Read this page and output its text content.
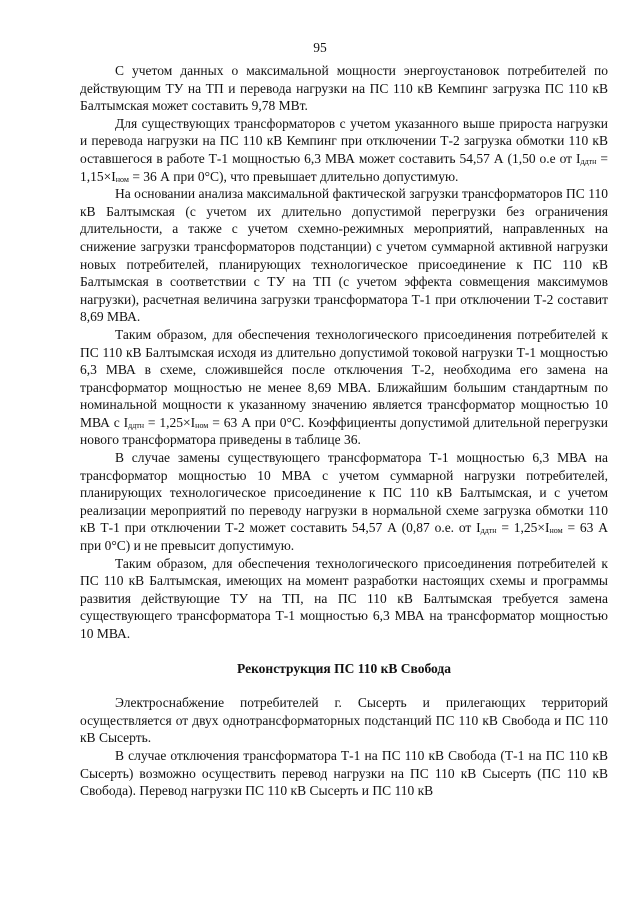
95

С учетом данных о максимальной мощности энергоустановок потребителей по действующим ТУ на ТП и перевода нагрузки на ПС 110 кВ Кемпинг загрузка ПС 110 кВ Балтымская может составить 9,78 МВт.

Для существующих трансформаторов с учетом указанного выше прироста нагрузки и перевода нагрузки на ПС 110 кВ Кемпинг при отключении Т-2 загрузка обмотки 110 кВ оставшегося в работе Т-1 мощностью 6,3 МВА может составить 54,57 А (1,50 о.е от $I_{ддтн} = 1,15\times I_{ном} = 36$ А при 0°С), что превышает длительно допустимую.

На основании анализа максимальной фактической загрузки трансформаторов ПС 110 кВ Балтымская (с учетом их длительно допустимой перегрузки без ограничения длительности, а также с учетом схемно-режимных мероприятий, направленных на снижение загрузки трансформаторов подстанции) с учетом суммарной активной нагрузки новых потребителей, планирующих технологическое присоединение к ПС 110 кВ Балтымская в соответствии с ТУ на ТП (с учетом эффекта совмещения максимумов нагрузки), расчетная величина загрузки трансформатора Т-1 при отключении Т-2 составит 8,69 МВА.

Таким образом, для обеспечения технологического присоединения потребителей к ПС 110 кВ Балтымская исходя из длительно допустимой токовой нагрузки Т-1 мощностью 6,3 МВА в схеме, сложившейся после отключения Т-2, необходима его замена на трансформатор мощностью не менее 8,69 МВА. Ближайшим большим стандартным по номинальной мощности к указанному значению является трансформатор мощностью 10 МВА с $I_{ддтн} = 1,25\times I_{ном} = 63$ А при 0°С. Коэффициенты допустимой длительной перегрузки нового трансформатора приведены в таблице 36.

В случае замены существующего трансформатора Т-1 мощностью 6,3 МВА на трансформатор мощностью 10 МВА с учетом суммарной нагрузки потребителей, планирующих технологическое присоединение к ПС 110 кВ Балтымская, и с учетом реализации мероприятий по переводу нагрузки в нормальной схеме загрузка обмотки 110 кВ Т-1 при отключении Т-2 может составить 54,57 А (0,87 о.е. от $I_{ддтн} = 1,25\times I_{ном} = 63$ А при 0°С) и не превысит допустимую.

Таким образом, для обеспечения технологического присоединения потребителей к ПС 110 кВ Балтымская, имеющих на момент разработки настоящих схемы и программы развития действующие ТУ на ТП, на ПС 110 кВ Балтымская требуется замена существующего трансформатора Т-1 мощностью 6,3 МВА на трансформатор мощностью 10 МВА.

Реконструкция ПС 110 кВ Свобода

Электроснабжение потребителей г. Сысерть и прилегающих территорий осуществляется от двух однотрансформаторных подстанций ПС 110 кВ Свобода и ПС 110 кВ Сысерть.

В случае отключения трансформатора Т-1 на ПС 110 кВ Свобода (Т-1 на ПС 110 кВ Сысерть) возможно осуществить перевод нагрузки на ПС 110 кВ Сысерть (ПС 110 кВ Свобода). Перевод нагрузки ПС 110 кВ Сысерть и ПС 110 кВ
